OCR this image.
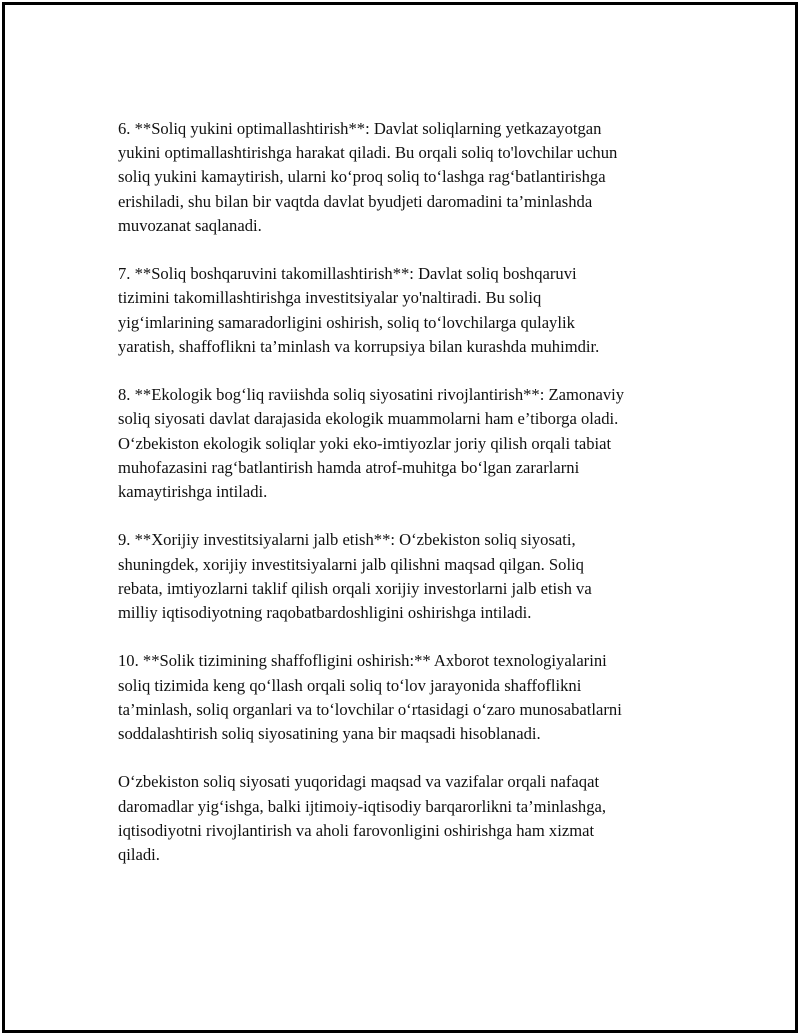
6. **Soliq yukini optimallashtirish**: Davlat soliqlarning yetkazayotgan
yukini optimallashtirishga harakat qiladi. Bu orqali soliq to'lovchilar uchun
soliq yukini kamaytirish, ularni ko‘proq soliq to‘lashga rag‘batlantirishga
erishiladi, shu bilan bir vaqtda davlat byudjeti daromadini ta’minlashda
muvozanat saqlanadi.

7. **Soliq boshqaruvini takomillashtirish**: Davlat soliq boshqaruvi
tizimini takomillashtirishga investitsiyalar yo'naltiradi. Bu soliq
yig‘imlarining samaradorligini oshirish, soliq to‘lovchilarga qulaylik
yaratish, shaffoflikni ta’minlash va korrupsiya bilan kurashda muhimdir.

8. **Ekologik bog‘liq raviishda soliq siyosatini rivojlantirish**: Zamonaviy
soliq siyosati davlat darajasida ekologik muammolarni ham e’tiborga oladi.
O‘zbekiston ekologik soliqlar yoki eko-imtiyozlar joriy qilish orqali tabiat
muhofazasini rag‘batlantirish hamda atrof-muhitga bo‘lgan zararlarni
kamaytirishga intiladi.

9. **Xorijiy investitsiyalarni jalb etish**: O‘zbekiston soliq siyosati,
shuningdek, xorijiy investitsiyalarni jalb qilishni maqsad qilgan. Soliq
rebata, imtiyozlarni taklif qilish orqali xorijiy investorlarni jalb etish va
milliy iqtisodiyotning raqobatbardoshligini oshirishga intiladi.

10. **Solik tizimining shaffofligini oshirish:** Axborot texnologiyalarini
soliq tizimida keng qo‘llash orqali soliq to‘lov jarayonida shaffoflikni
ta’minlash, soliq organlari va to‘lovchilar o‘rtasidagi o‘zaro munosabatlarni
soddalashtirish soliq siyosatining yana bir maqsadi hisoblanadi.

O‘zbekiston soliq siyosati yuqoridagi maqsad va vazifalar orqali nafaqat
daromadlar yig‘ishga, balki ijtimoiy-iqtisodiy barqarorlikni ta’minlashga,
iqtisodiyotni rivojlantirish va aholi farovonligini oshirishga ham xizmat
qiladi.
